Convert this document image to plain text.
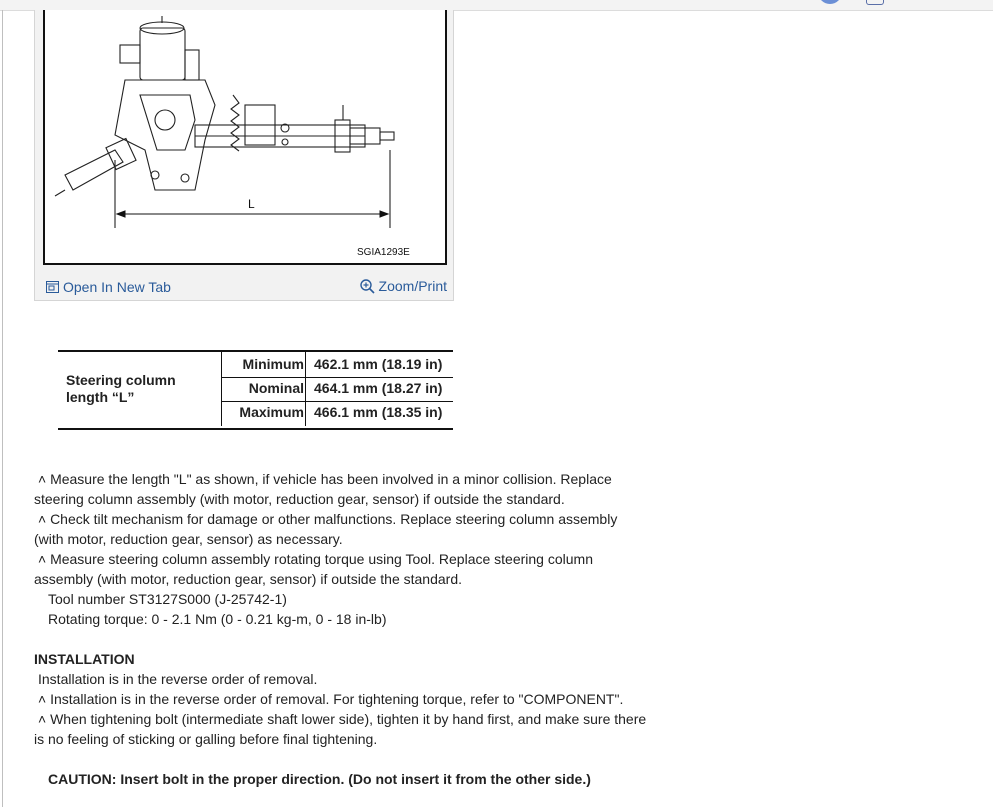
L
SGIA1293E
Open In New Tab	Zoom/Print
Steering column
length “L”
Minimum 462.1 mm (18.19 in)
Nominal 464.1 mm (18.27 in)
Maximum 466.1 mm (18.35 in)

˄ Measure the length "L" as shown, if vehicle has been involved in a minor collision. Replace

steering column assembly (with motor, reduction gear, sensor) if outside the standard.

˄ Check tilt mechanism for damage or other malfunctions. Replace steering column assembly

(with motor, reduction gear, sensor) as necessary.

˄ Measure steering column assembly rotating torque using Tool. Replace steering column

assembly (with motor, reduction gear, sensor) if outside the standard.

Tool number ST3127S000 (J-25742-1)

Rotating torque: 0 - 2.1 Nm (0 - 0.21 kg-m, 0 - 18 in-lb)

INSTALLATION

Installation is in the reverse order of removal.

˄ Installation is in the reverse order of removal. For tightening torque, refer to "COMPONENT".

˄ When tightening bolt (intermediate shaft lower side), tighten it by hand first, and make sure there

is no feeling of sticking or galling before final tightening.

CAUTION: Insert bolt in the proper direction. (Do not insert it from the other side.)
